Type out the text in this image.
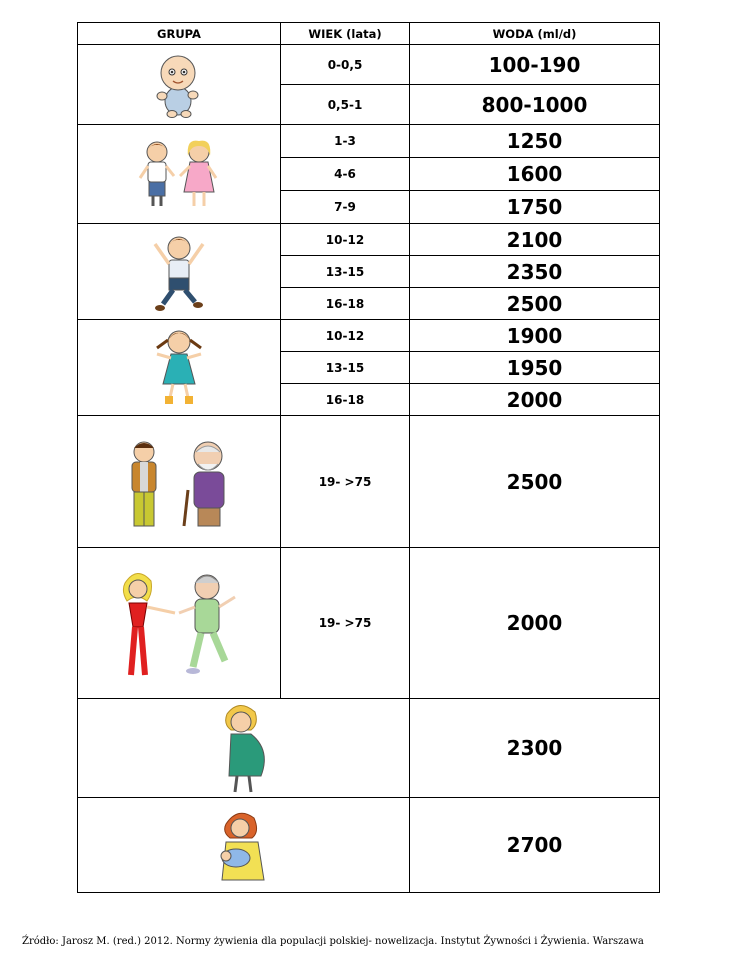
GRUPA	WIEK (lata)	WODA (ml/d)

	0-0,5	100-190
	0,5-1	800-1000

	1-3	1250
	4-6	1600
	7-9	1750

	10-12	2100
	13-15	2350
	16-18	2500

	10-12	1900
	13-15	1950
	16-18	2000

	19- >75	2500

	19- >75	2000

	2300

	2700
Źródło: Jarosz M. (red.) 2012. Normy żywienia dla populacji polskiej- nowelizacja. Instytut Żywności i Żywienia. Warszawa
